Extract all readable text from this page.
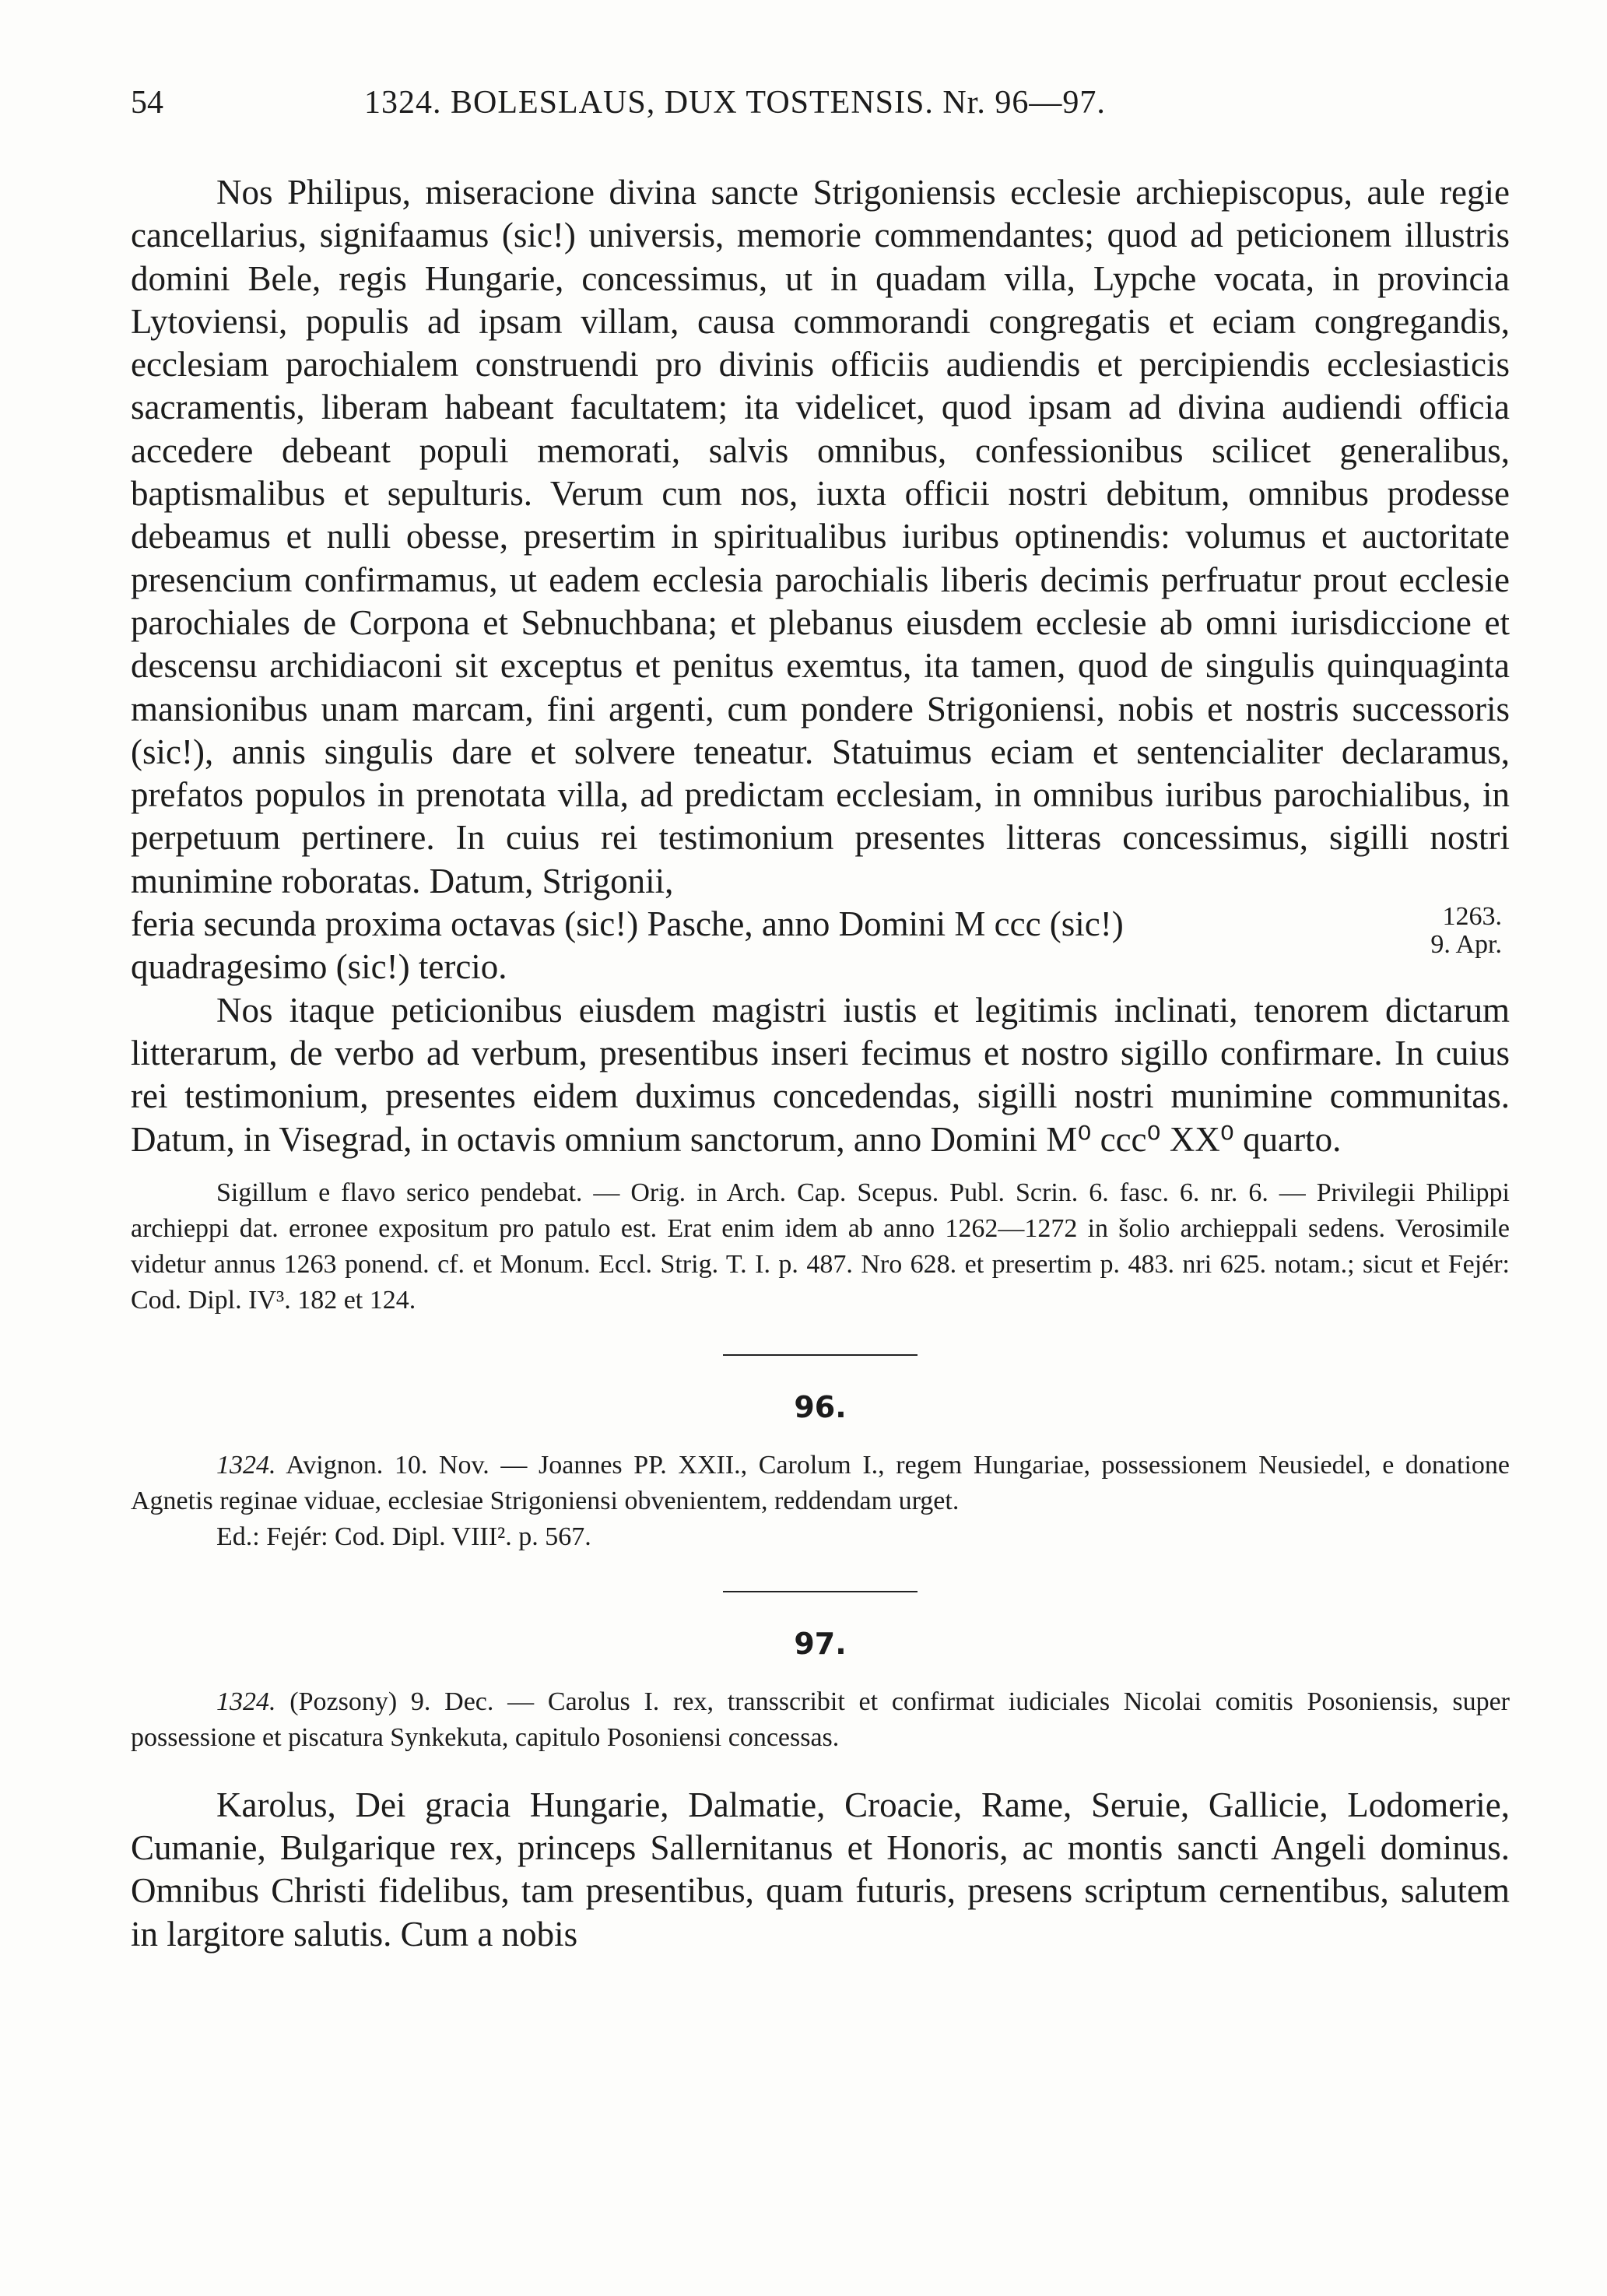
54	1324. BOLESLAUS, DUX TOSTENSIS. Nr. 96—97.

Nos Philipus, miseracione divina sancte Strigoniensis ecclesie archiepiscopus, aule regie cancellarius, signifaamus (sic!) universis, memorie commendantes; quod ad peticionem illustris domini Bele, regis Hungarie, concessimus, ut in quadam villa, Lypche vocata, in provincia Lytoviensi, populis ad ipsam villam, causa commorandi congregatis et eciam congregandis, ecclesiam parochialem construendi pro divinis officiis audiendis et percipiendis ecclesiasticis sacramentis, liberam habeant facultatem; ita videlicet, quod ipsam ad divina audiendi officia accedere debeant populi memorati, salvis omnibus, confessionibus scilicet generalibus, baptismalibus et sepulturis. Verum cum nos, iuxta officii nostri debitum, omnibus prodesse debeamus et nulli obesse, presertim in spiritualibus iuribus optinendis: volumus et auctoritate presencium confirmamus, ut eadem ecclesia parochialis liberis decimis perfruatur prout ecclesie parochiales de Corpona et Sebnuchbana; et plebanus eiusdem ecclesie ab omni iurisdiccione et descensu archidiaconi sit exceptus et penitus exemtus, ita tamen, quod de singulis quinquaginta mansionibus unam marcam, fini argenti, cum pondere Strigoniensi, nobis et nostris successoris (sic!), annis singulis dare et solvere teneatur. Statuimus eciam et sentencialiter declaramus, prefatos populos in prenotata villa, ad predictam ecclesiam, in omnibus iuribus parochialibus, in perpetuum pertinere. In cuius rei testimonium presentes litteras concessimus, sigilli nostri munimine roboratas. Datum, Strigonii,

feria secunda proxima octavas (sic!) Pasche, anno Domini M ccc (sic!)
quadragesimo (sic!) tercio.
1263.
9. Apr.

Nos itaque peticionibus eiusdem magistri iustis et legitimis inclinati, tenorem dictarum litterarum, de verbo ad verbum, presentibus inseri fecimus et nostro sigillo confirmare. In cuius rei testimonium, presentes eidem duximus concedendas, sigilli nostri munimine communitas. Datum, in Visegrad, in octavis omnium sanctorum, anno Domini M⁰ ccc⁰ XX⁰ quarto.

Sigillum e flavo serico pendebat. — Orig. in Arch. Cap. Scepus. Publ. Scrin. 6. fasc. 6. nr. 6. — Privilegii Philippi archieppi dat. erronee expositum pro patulo est. Erat enim idem ab anno 1262—1272 in šolio archieppali sedens. Verosimile videtur annus 1263 ponend. cf. et Monum. Eccl. Strig. T. I. p. 487. Nro 628. et presertim p. 483. nri 625. notam.; sicut et Fejér: Cod. Dipl. IV³. 182 et 124.

96.

1324. Avignon. 10. Nov. — Joannes PP. XXII., Carolum I., regem Hungariae, possessionem Neusiedel, e donatione Agnetis reginae viduae, ecclesiae Strigoniensi obvenientem, reddendam urget.

Ed.: Fejér: Cod. Dipl. VIII². p. 567.

97.

1324. (Pozsony) 9. Dec. — Carolus I. rex, transscribit et confirmat iudiciales Nicolai comitis Posoniensis, super possessione et piscatura Synkekuta, capitulo Posoniensi concessas.

Karolus, Dei gracia Hungarie, Dalmatie, Croacie, Rame, Seruie, Gallicie, Lodomerie, Cumanie, Bulgarique rex, princeps Sallernitanus et Honoris, ac montis sancti Angeli dominus. Omnibus Christi fidelibus, tam presentibus, quam futuris, presens scriptum cernentibus, salutem in largitore salutis. Cum a nobis
